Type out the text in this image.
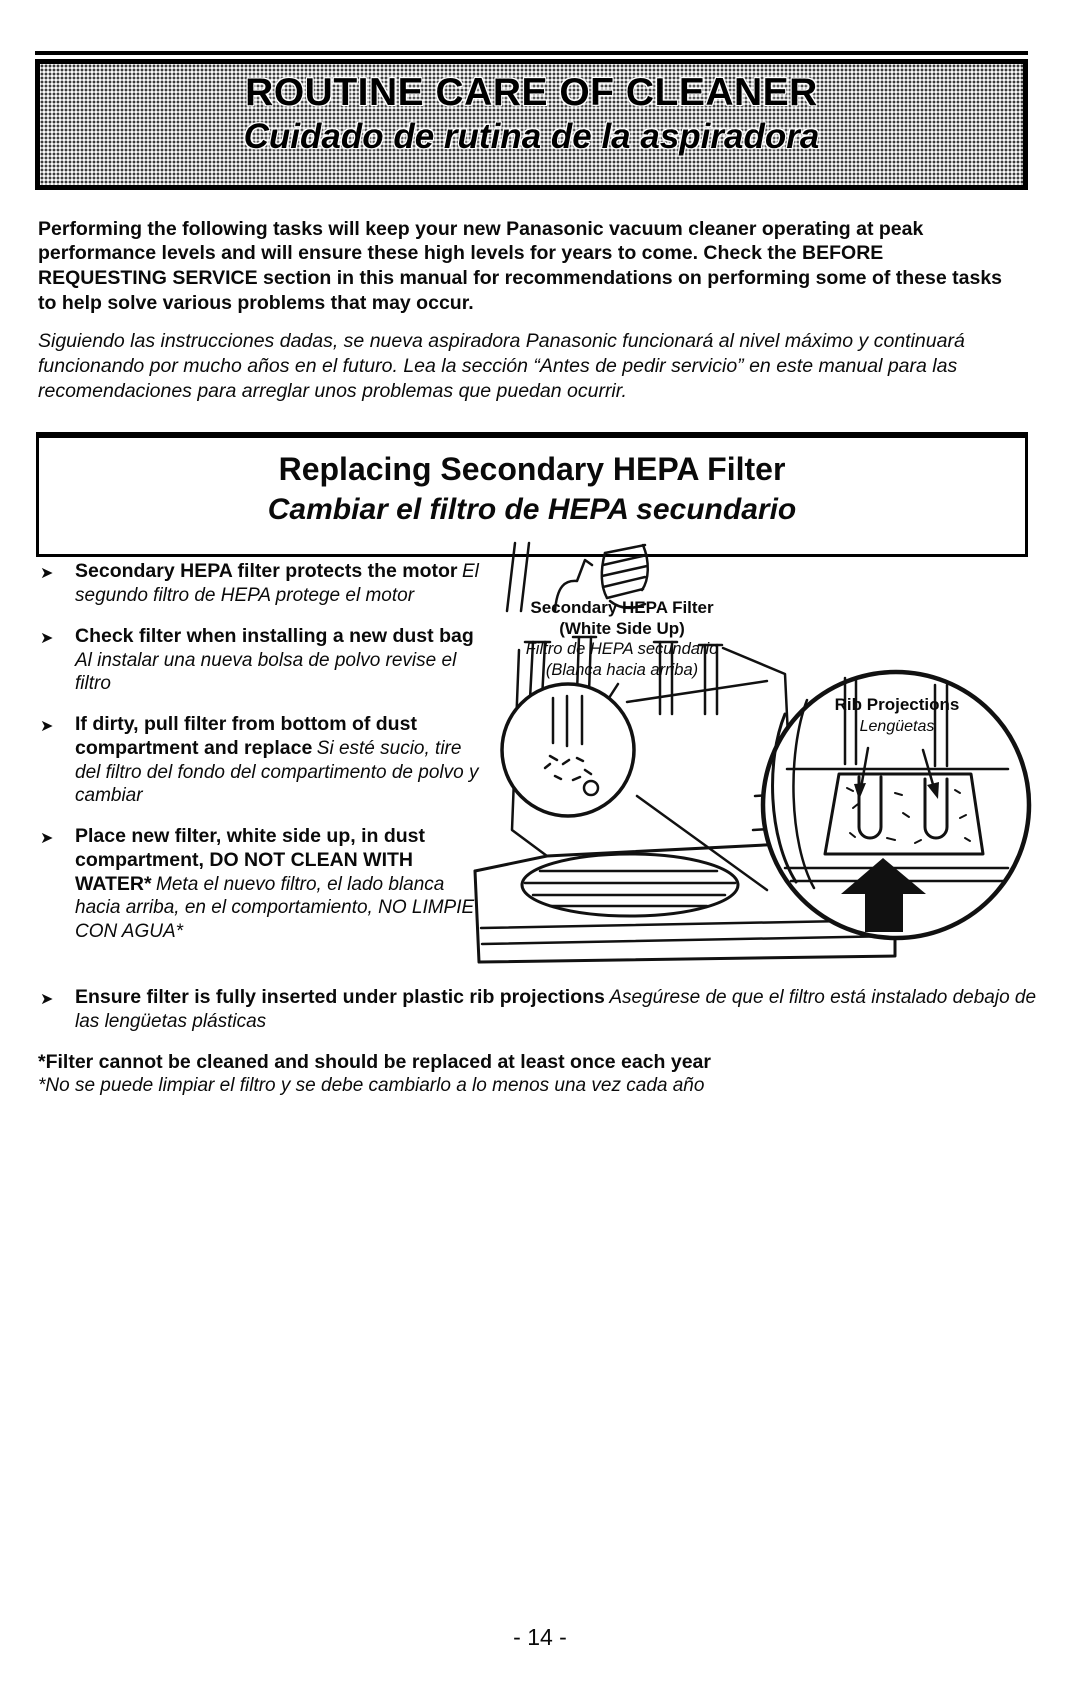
ROUTINE CARE OF CLEANER
Cuidado de rutina de la aspiradora

Performing the following tasks will keep your new Panasonic vacuum cleaner operating at peak performance levels and will ensure these high levels for years to come. Check the BEFORE REQUESTING SERVICE section in this manual for recommendations on performing some of these tasks to help solve various problems that may occur.

Siguiendo las instrucciones dadas, se nueva aspiradora Panasonic funcionará al nivel máximo y continuará funcionando por mucho años en el futuro. Lea la sección “Antes de pedir servicio” en este manual para las recomendaciones para arreglar unos problemas que puedan ocurrir.

Replacing Secondary HEPA Filter
Cambiar el filtro de HEPA secundario
➤	Secondary HEPA filter protects the motor El segundo filtro de HEPA protege el motor
➤	Check filter when installing a new dust bag Al instalar una nueva bolsa de polvo revise el filtro
➤	If dirty, pull filter from bottom of dust compartment and replace Si esté sucio, tire del filtro del fondo del compartimento de polvo y cambiar
➤	Place new filter, white side up, in dust compartment, DO NOT CLEAN WITH WATER* Meta el nuevo filtro, el lado blanca hacia arriba, en el comportamiento, NO LIMPIE CON AGUA*
➤	Ensure filter is fully inserted under plastic rib projections Asegúrese de que el filtro está instalado debajo de las lengüetas plásticas
Secondary HEPA Filter
(White Side Up)
Filtro de HEPA secundario
(Blanca hacia arriba)
Rib Projections
Lengüetas
*Filter cannot be cleaned and should be replaced at least once each year
*No se puede limpiar el filtro y se debe cambiarlo a lo menos una vez cada año
- 14 -
